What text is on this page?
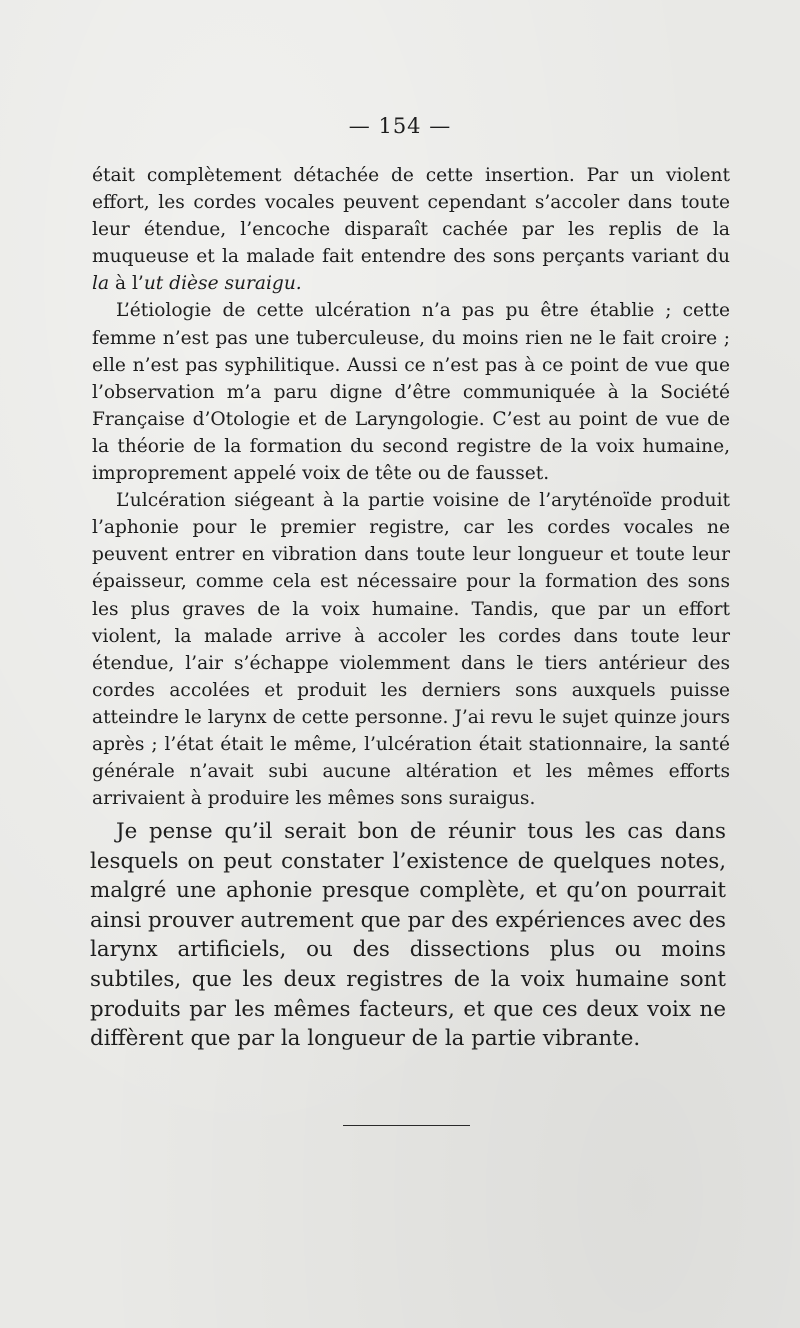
— 154 —

était complètement détachée de cette insertion. Par un violent effort, les cordes vocales peuvent cependant s’accoler dans toute leur étendue, l’encoche disparaît cachée par les replis de la muqueuse et la malade fait entendre des sons perçants variant du la à l’ut dièse suraigu.

L’étiologie de cette ulcération n’a pas pu être établie ; cette femme n’est pas une tuberculeuse, du moins rien ne le fait croire ; elle n’est pas syphilitique. Aussi ce n’est pas à ce point de vue que l’observation m’a paru digne d’être communiquée à la Société Française d’Otologie et de Laryngologie. C’est au point de vue de la théorie de la formation du second registre de la voix humaine, improprement appelé voix de tête ou de fausset.

L’ulcération siégeant à la partie voisine de l’aryténoïde produit l’aphonie pour le premier registre, car les cordes vocales ne peuvent entrer en vibration dans toute leur longueur et toute leur épaisseur, comme cela est nécessaire pour la formation des sons les plus graves de la voix humaine. Tandis, que par un effort violent, la malade arrive à accoler les cordes dans toute leur étendue, l’air s’échappe violemment dans le tiers antérieur des cordes accolées et produit les derniers sons auxquels puisse atteindre le larynx de cette personne. J’ai revu le sujet quinze jours après ; l’état était le même, l’ulcération était stationnaire, la santé générale n’avait subi aucune altération et les mêmes efforts arrivaient à produire les mêmes sons suraigus.

Je pense qu’il serait bon de réunir tous les cas dans lesquels on peut constater l’existence de quelques notes, malgré une aphonie presque complète, et qu’on pourrait ainsi prouver autrement que par des expériences avec des larynx artificiels, ou des dissections plus ou moins subtiles, que les deux registres de la voix humaine sont produits par les mêmes facteurs, et que ces deux voix ne diffèrent que par la longueur de la partie vibrante.
